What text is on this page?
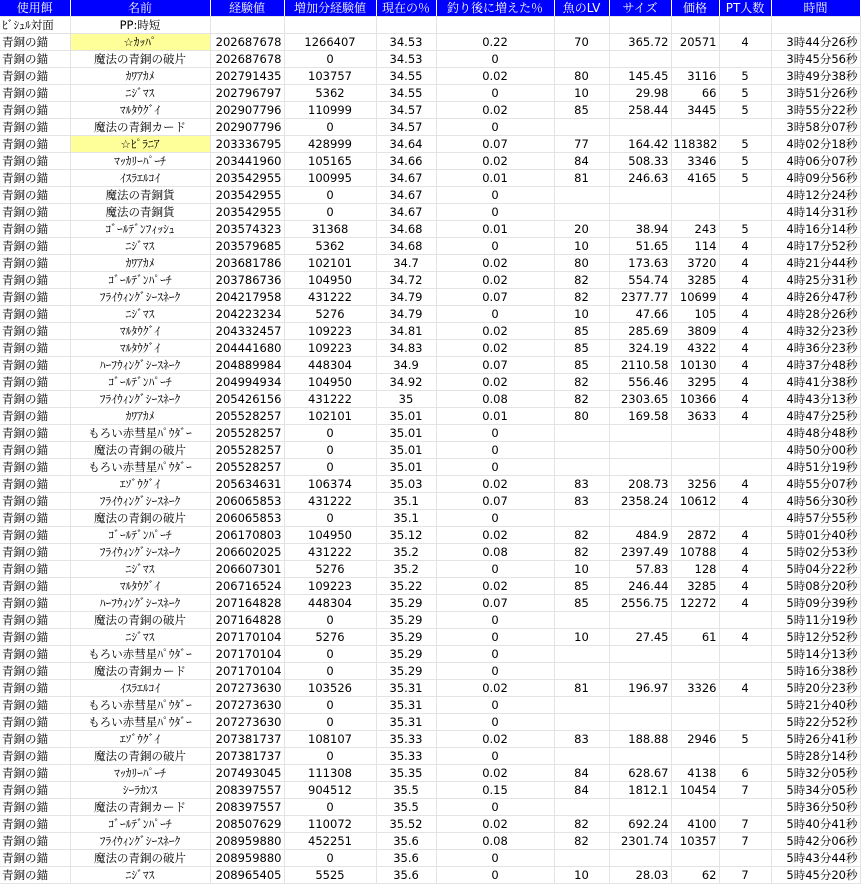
使用餌	名前	経験値	増加分経験値	現在の％	釣り後に増えた％	魚のLV	サイズ	価格	PT人数	時間
ﾋﾞｼｭﾙ対面	PP:時短									
青銅の錨	☆ｶｯﾊﾟ	202687678	1266407	34.53	0.22	70	365.72	20571	4	3時44分26秒
青銅の錨	魔法の青銅の破片	202687678	0	34.53	0					3時45分56秒
青銅の錨	ｶﾜｱｶﾒ	202791435	103757	34.55	0.02	80	145.45	3116	5	3時49分38秒
青銅の錨	ﾆｼﾞﾏｽ	202796797	5362	34.55	0	10	29.98	66	5	3時51分26秒
青銅の錨	ﾏﾙﾀｳｸﾞｲ	202907796	110999	34.57	0.02	85	258.44	3445	5	3時55分22秒
青銅の錨	魔法の青銅カード	202907796	0	34.57	0					3時58分07秒
青銅の錨	☆ﾋﾟﾗﾆｱ	203336795	428999	34.64	0.07	77	164.42	118382	5	4時02分18秒
青銅の錨	ﾏｯｶﾘｰﾊﾟｰﾁ	203441960	105165	34.66	0.02	84	508.33	3346	5	4時06分07秒
青銅の錨	ｲｽﾗｴﾙｺｲ	203542955	100995	34.67	0.01	81	246.63	4165	5	4時09分56秒
青銅の錨	魔法の青銅貨	203542955	0	34.67	0					4時12分24秒
青銅の錨	魔法の青銅貨	203542955	0	34.67	0					4時14分31秒
青銅の錨	ｺﾞｰﾙﾃﾞﾝﾌｨｯｼｭ	203574323	31368	34.68	0.01	20	38.94	243	5	4時16分14秒
青銅の錨	ﾆｼﾞﾏｽ	203579685	5362	34.68	0	10	51.65	114	4	4時17分52秒
青銅の錨	ｶﾜｱｶﾒ	203681786	102101	34.7	0.02	80	173.63	3720	4	4時21分44秒
青銅の錨	ｺﾞｰﾙﾃﾞﾝﾊﾟｰﾁ	203786736	104950	34.72	0.02	82	554.74	3285	4	4時25分31秒
青銅の錨	ﾌﾗｲｳｨﾝｸﾞｼｰｽﾈｰｸ	204217958	431222	34.79	0.07	82	2377.77	10699	4	4時26分47秒
青銅の錨	ﾆｼﾞﾏｽ	204223234	5276	34.79	0	10	47.66	105	4	4時28分26秒
青銅の錨	ﾏﾙﾀｳｸﾞｲ	204332457	109223	34.81	0.02	85	285.69	3809	4	4時32分23秒
青銅の錨	ﾏﾙﾀｳｸﾞｲ	204441680	109223	34.83	0.02	85	324.19	4322	4	4時36分23秒
青銅の錨	ﾊｰﾌｳｨﾝｸﾞｼｰｽﾈｰｸ	204889984	448304	34.9	0.07	85	2110.58	10130	4	4時37分48秒
青銅の錨	ｺﾞｰﾙﾃﾞﾝﾊﾟｰﾁ	204994934	104950	34.92	0.02	82	556.46	3295	4	4時41分38秒
青銅の錨	ﾌﾗｲｳｨﾝｸﾞｼｰｽﾈｰｸ	205426156	431222	35	0.08	82	2303.65	10366	4	4時43分13秒
青銅の錨	ｶﾜｱｶﾒ	205528257	102101	35.01	0.01	80	169.58	3633	4	4時47分25秒
青銅の錨	もろい赤彗星ﾊﾟｳﾀﾞｰ	205528257	0	35.01	0					4時48分48秒
青銅の錨	魔法の青銅の破片	205528257	0	35.01	0					4時50分00秒
青銅の錨	もろい赤彗星ﾊﾟｳﾀﾞｰ	205528257	0	35.01	0					4時51分19秒
青銅の錨	ｴｿﾞｳｸﾞｲ	205634631	106374	35.03	0.02	83	208.73	3256	4	4時55分07秒
青銅の錨	ﾌﾗｲｳｨﾝｸﾞｼｰｽﾈｰｸ	206065853	431222	35.1	0.07	83	2358.24	10612	4	4時56分30秒
青銅の錨	魔法の青銅の破片	206065853	0	35.1	0					4時57分55秒
青銅の錨	ｺﾞｰﾙﾃﾞﾝﾊﾟｰﾁ	206170803	104950	35.12	0.02	82	484.9	2872	4	5時01分40秒
青銅の錨	ﾌﾗｲｳｨﾝｸﾞｼｰｽﾈｰｸ	206602025	431222	35.2	0.08	82	2397.49	10788	4	5時02分53秒
青銅の錨	ﾆｼﾞﾏｽ	206607301	5276	35.2	0	10	57.83	128	4	5時04分22秒
青銅の錨	ﾏﾙﾀｳｸﾞｲ	206716524	109223	35.22	0.02	85	246.44	3285	4	5時08分20秒
青銅の錨	ﾊｰﾌｳｨﾝｸﾞｼｰｽﾈｰｸ	207164828	448304	35.29	0.07	85	2556.75	12272	4	5時09分39秒
青銅の錨	魔法の青銅の破片	207164828	0	35.29	0					5時11分19秒
青銅の錨	ﾆｼﾞﾏｽ	207170104	5276	35.29	0	10	27.45	61	4	5時12分52秒
青銅の錨	もろい赤彗星ﾊﾟｳﾀﾞｰ	207170104	0	35.29	0					5時14分13秒
青銅の錨	魔法の青銅カード	207170104	0	35.29	0					5時16分38秒
青銅の錨	ｲｽﾗｴﾙｺｲ	207273630	103526	35.31	0.02	81	196.97	3326	4	5時20分23秒
青銅の錨	もろい赤彗星ﾊﾟｳﾀﾞｰ	207273630	0	35.31	0					5時21分40秒
青銅の錨	もろい赤彗星ﾊﾟｳﾀﾞｰ	207273630	0	35.31	0					5時22分52秒
青銅の錨	ｴｿﾞｳｸﾞｲ	207381737	108107	35.33	0.02	83	188.88	2946	5	5時26分41秒
青銅の錨	魔法の青銅の破片	207381737	0	35.33	0					5時28分14秒
青銅の錨	ﾏｯｶﾘｰﾊﾟｰﾁ	207493045	111308	35.35	0.02	84	628.67	4138	6	5時32分05秒
青銅の錨	ｼｰﾗｶﾝｽ	208397557	904512	35.5	0.15	84	1812.1	10454	7	5時34分05秒
青銅の錨	魔法の青銅カード	208397557	0	35.5	0					5時36分50秒
青銅の錨	ｺﾞｰﾙﾃﾞﾝﾊﾟｰﾁ	208507629	110072	35.52	0.02	82	692.24	4100	7	5時40分41秒
青銅の錨	ﾌﾗｲｳｨﾝｸﾞｼｰｽﾈｰｸ	208959880	452251	35.6	0.08	82	2301.74	10357	7	5時42分06秒
青銅の錨	魔法の青銅の破片	208959880	0	35.6	0					5時43分44秒
青銅の錨	ﾆｼﾞﾏｽ	208965405	5525	35.6	0	10	28.03	62	7	5時45分20秒
